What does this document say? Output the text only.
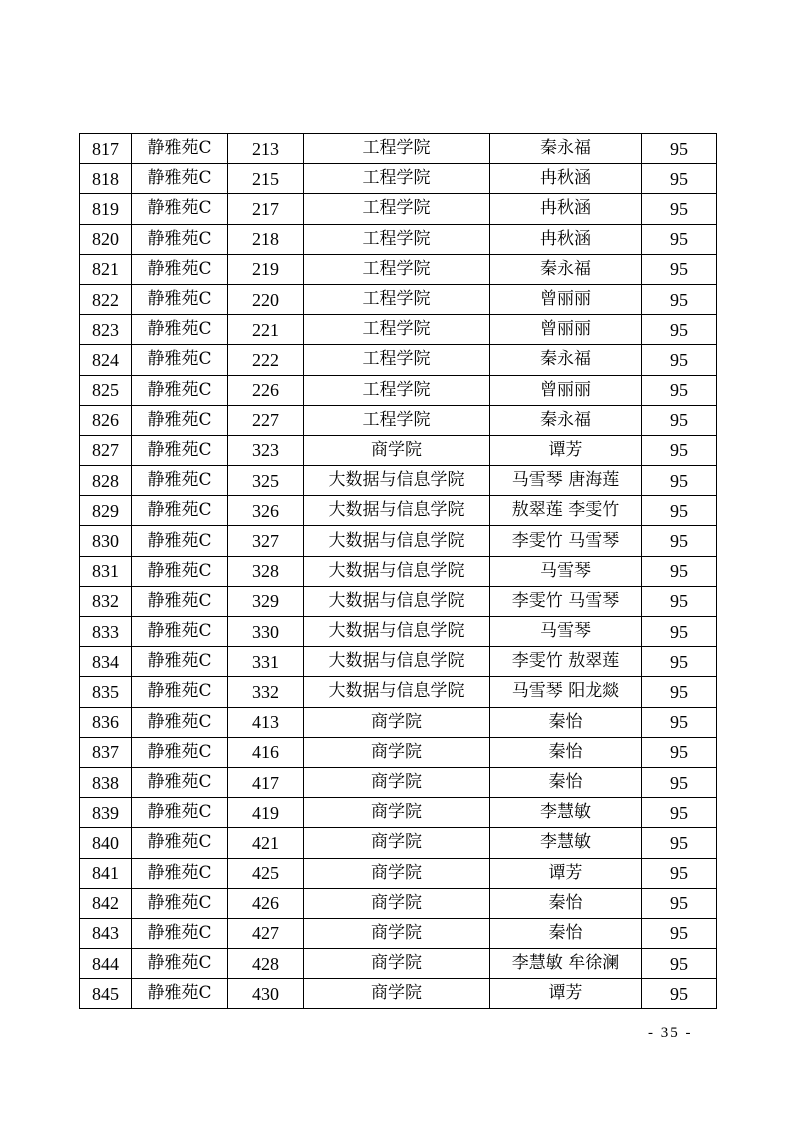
817	静雅苑C	213	工程学院	秦永福	95
818	静雅苑C	215	工程学院	冉秋涵	95
819	静雅苑C	217	工程学院	冉秋涵	95
820	静雅苑C	218	工程学院	冉秋涵	95
821	静雅苑C	219	工程学院	秦永福	95
822	静雅苑C	220	工程学院	曾丽丽	95
823	静雅苑C	221	工程学院	曾丽丽	95
824	静雅苑C	222	工程学院	秦永福	95
825	静雅苑C	226	工程学院	曾丽丽	95
826	静雅苑C	227	工程学院	秦永福	95
827	静雅苑C	323	商学院	谭芳	95
828	静雅苑C	325	大数据与信息学院	马雪琴 唐海莲	95
829	静雅苑C	326	大数据与信息学院	敖翠莲 李雯竹	95
830	静雅苑C	327	大数据与信息学院	李雯竹 马雪琴	95
831	静雅苑C	328	大数据与信息学院	马雪琴	95
832	静雅苑C	329	大数据与信息学院	李雯竹 马雪琴	95
833	静雅苑C	330	大数据与信息学院	马雪琴	95
834	静雅苑C	331	大数据与信息学院	李雯竹 敖翠莲	95
835	静雅苑C	332	大数据与信息学院	马雪琴 阳龙燚	95
836	静雅苑C	413	商学院	秦怡	95
837	静雅苑C	416	商学院	秦怡	95
838	静雅苑C	417	商学院	秦怡	95
839	静雅苑C	419	商学院	李慧敏	95
840	静雅苑C	421	商学院	李慧敏	95
841	静雅苑C	425	商学院	谭芳	95
842	静雅苑C	426	商学院	秦怡	95
843	静雅苑C	427	商学院	秦怡	95
844	静雅苑C	428	商学院	李慧敏 牟徐澜	95
845	静雅苑C	430	商学院	谭芳	95
- 35 -
